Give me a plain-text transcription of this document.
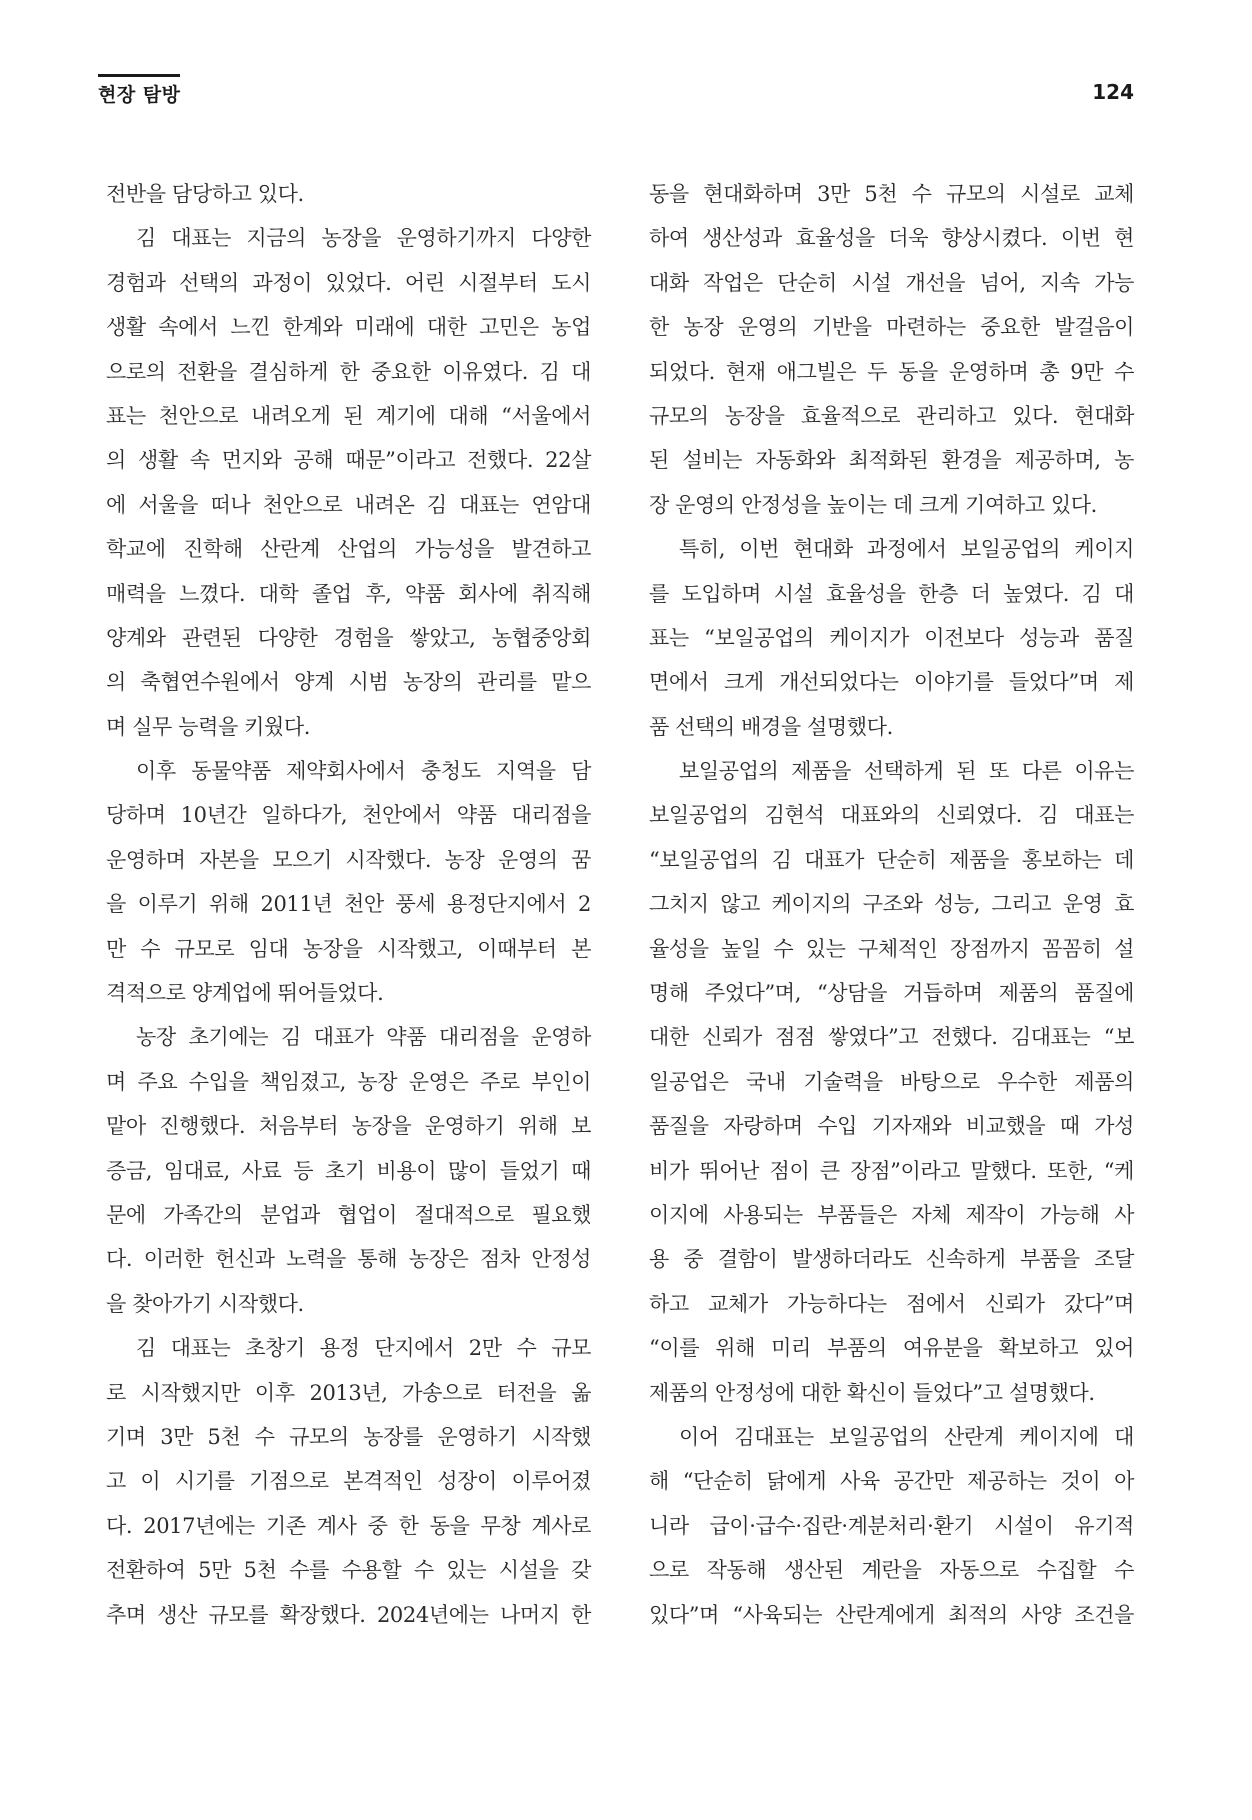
현장 탐방	124
전반을 담당하고 있다.
김 대표는 지금의 농장을 운영하기까지 다양한
경험과 선택의 과정이 있었다. 어린 시절부터 도시
생활 속에서 느낀 한계와 미래에 대한 고민은 농업
으로의 전환을 결심하게 한 중요한 이유였다. 김 대
표는 천안으로 내려오게 된 계기에 대해 “서울에서
의 생활 속 먼지와 공해 때문”이라고 전했다. 22살
에 서울을 떠나 천안으로 내려온 김 대표는 연암대
학교에 진학해 산란계 산업의 가능성을 발견하고
매력을 느꼈다. 대학 졸업 후, 약품 회사에 취직해
양계와 관련된 다양한 경험을 쌓았고, 농협중앙회
의 축협연수원에서 양계 시범 농장의 관리를 맡으
며 실무 능력을 키웠다.
이후 동물약품 제약회사에서 충청도 지역을 담
당하며 10년간 일하다가, 천안에서 약품 대리점을
운영하며 자본을 모으기 시작했다. 농장 운영의 꿈
을 이루기 위해 2011년 천안 풍세 용정단지에서 2
만 수 규모로 임대 농장을 시작했고, 이때부터 본
격적으로 양계업에 뛰어들었다.
농장 초기에는 김 대표가 약품 대리점을 운영하
며 주요 수입을 책임졌고, 농장 운영은 주로 부인이
맡아 진행했다. 처음부터 농장을 운영하기 위해 보
증금, 임대료, 사료 등 초기 비용이 많이 들었기 때
문에 가족간의 분업과 협업이 절대적으로 필요했
다. 이러한 헌신과 노력을 통해 농장은 점차 안정성
을 찾아가기 시작했다.
김 대표는 초창기 용정 단지에서 2만 수 규모
로 시작했지만 이후 2013년, 가송으로 터전을 옮
기며 3만 5천 수 규모의 농장를 운영하기 시작했
고 이 시기를 기점으로 본격적인 성장이 이루어졌
다. 2017년에는 기존 계사 중 한 동을 무창 계사로
전환하여 5만 5천 수를 수용할 수 있는 시설을 갖
추며 생산 규모를 확장했다. 2024년에는 나머지 한
동을 현대화하며 3만 5천 수 규모의 시설로 교체
하여 생산성과 효율성을 더욱 향상시켰다. 이번 현
대화 작업은 단순히 시설 개선을 넘어, 지속 가능
한 농장 운영의 기반을 마련하는 중요한 발걸음이
되었다. 현재 애그빌은 두 동을 운영하며 총 9만 수
규모의 농장을 효율적으로 관리하고 있다. 현대화
된 설비는 자동화와 최적화된 환경을 제공하며, 농
장 운영의 안정성을 높이는 데 크게 기여하고 있다.
특히, 이번 현대화 과정에서 보일공업의 케이지
를 도입하며 시설 효율성을 한층 더 높였다. 김 대
표는 “보일공업의 케이지가 이전보다 성능과 품질
면에서 크게 개선되었다는 이야기를 들었다”며 제
품 선택의 배경을 설명했다.
보일공업의 제품을 선택하게 된 또 다른 이유는
보일공업의 김현석 대표와의 신뢰였다. 김 대표는
“보일공업의 김 대표가 단순히 제품을 홍보하는 데
그치지 않고 케이지의 구조와 성능, 그리고 운영 효
율성을 높일 수 있는 구체적인 장점까지 꼼꼼히 설
명해 주었다”며, “상담을 거듭하며 제품의 품질에
대한 신뢰가 점점 쌓였다”고 전했다. 김대표는 “보
일공업은 국내 기술력을 바탕으로 우수한 제품의
품질을 자랑하며 수입 기자재와 비교했을 때 가성
비가 뛰어난 점이 큰 장점”이라고 말했다. 또한, “케
이지에 사용되는 부품들은 자체 제작이 가능해 사
용 중 결함이 발생하더라도 신속하게 부품을 조달
하고 교체가 가능하다는 점에서 신뢰가 갔다”며
“이를 위해 미리 부품의 여유분을 확보하고 있어
제품의 안정성에 대한 확신이 들었다”고 설명했다.
이어 김대표는 보일공업의 산란계 케이지에 대
해 “단순히 닭에게 사육 공간만 제공하는 것이 아
니라 급이·급수·집란·계분처리·환기 시설이 유기적
으로 작동해 생산된 계란을 자동으로 수집할 수
있다”며 “사육되는 산란계에게 최적의 사양 조건을
